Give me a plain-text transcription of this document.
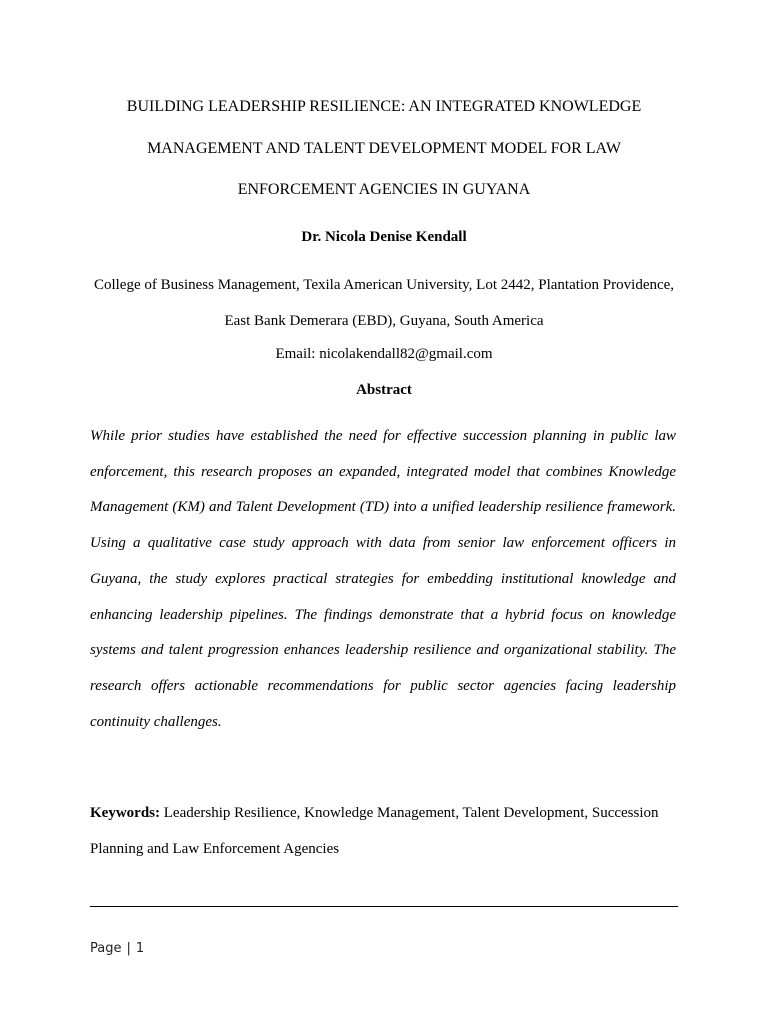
BUILDING LEADERSHIP RESILIENCE: AN INTEGRATED KNOWLEDGE MANAGEMENT AND TALENT DEVELOPMENT MODEL FOR LAW ENFORCEMENT AGENCIES IN GUYANA
Dr. Nicola Denise Kendall
College of Business Management, Texila American University, Lot 2442, Plantation Providence, East Bank Demerara (EBD), Guyana, South America
Email: nicolakendall82@gmail.com
Abstract

While prior studies have established the need for effective succession planning in public law enforcement, this research proposes an expanded, integrated model that combines Knowledge Management (KM) and Talent Development (TD) into a unified leadership resilience framework. Using a qualitative case study approach with data from senior law enforcement officers in Guyana, the study explores practical strategies for embedding institutional knowledge and enhancing leadership pipelines. The findings demonstrate that a hybrid focus on knowledge systems and talent progression enhances leadership resilience and organizational stability. The research offers actionable recommendations for public sector agencies facing leadership continuity challenges.

Keywords: Leadership Resilience, Knowledge Management, Talent Development, Succession Planning and Law Enforcement Agencies

Page | 1
